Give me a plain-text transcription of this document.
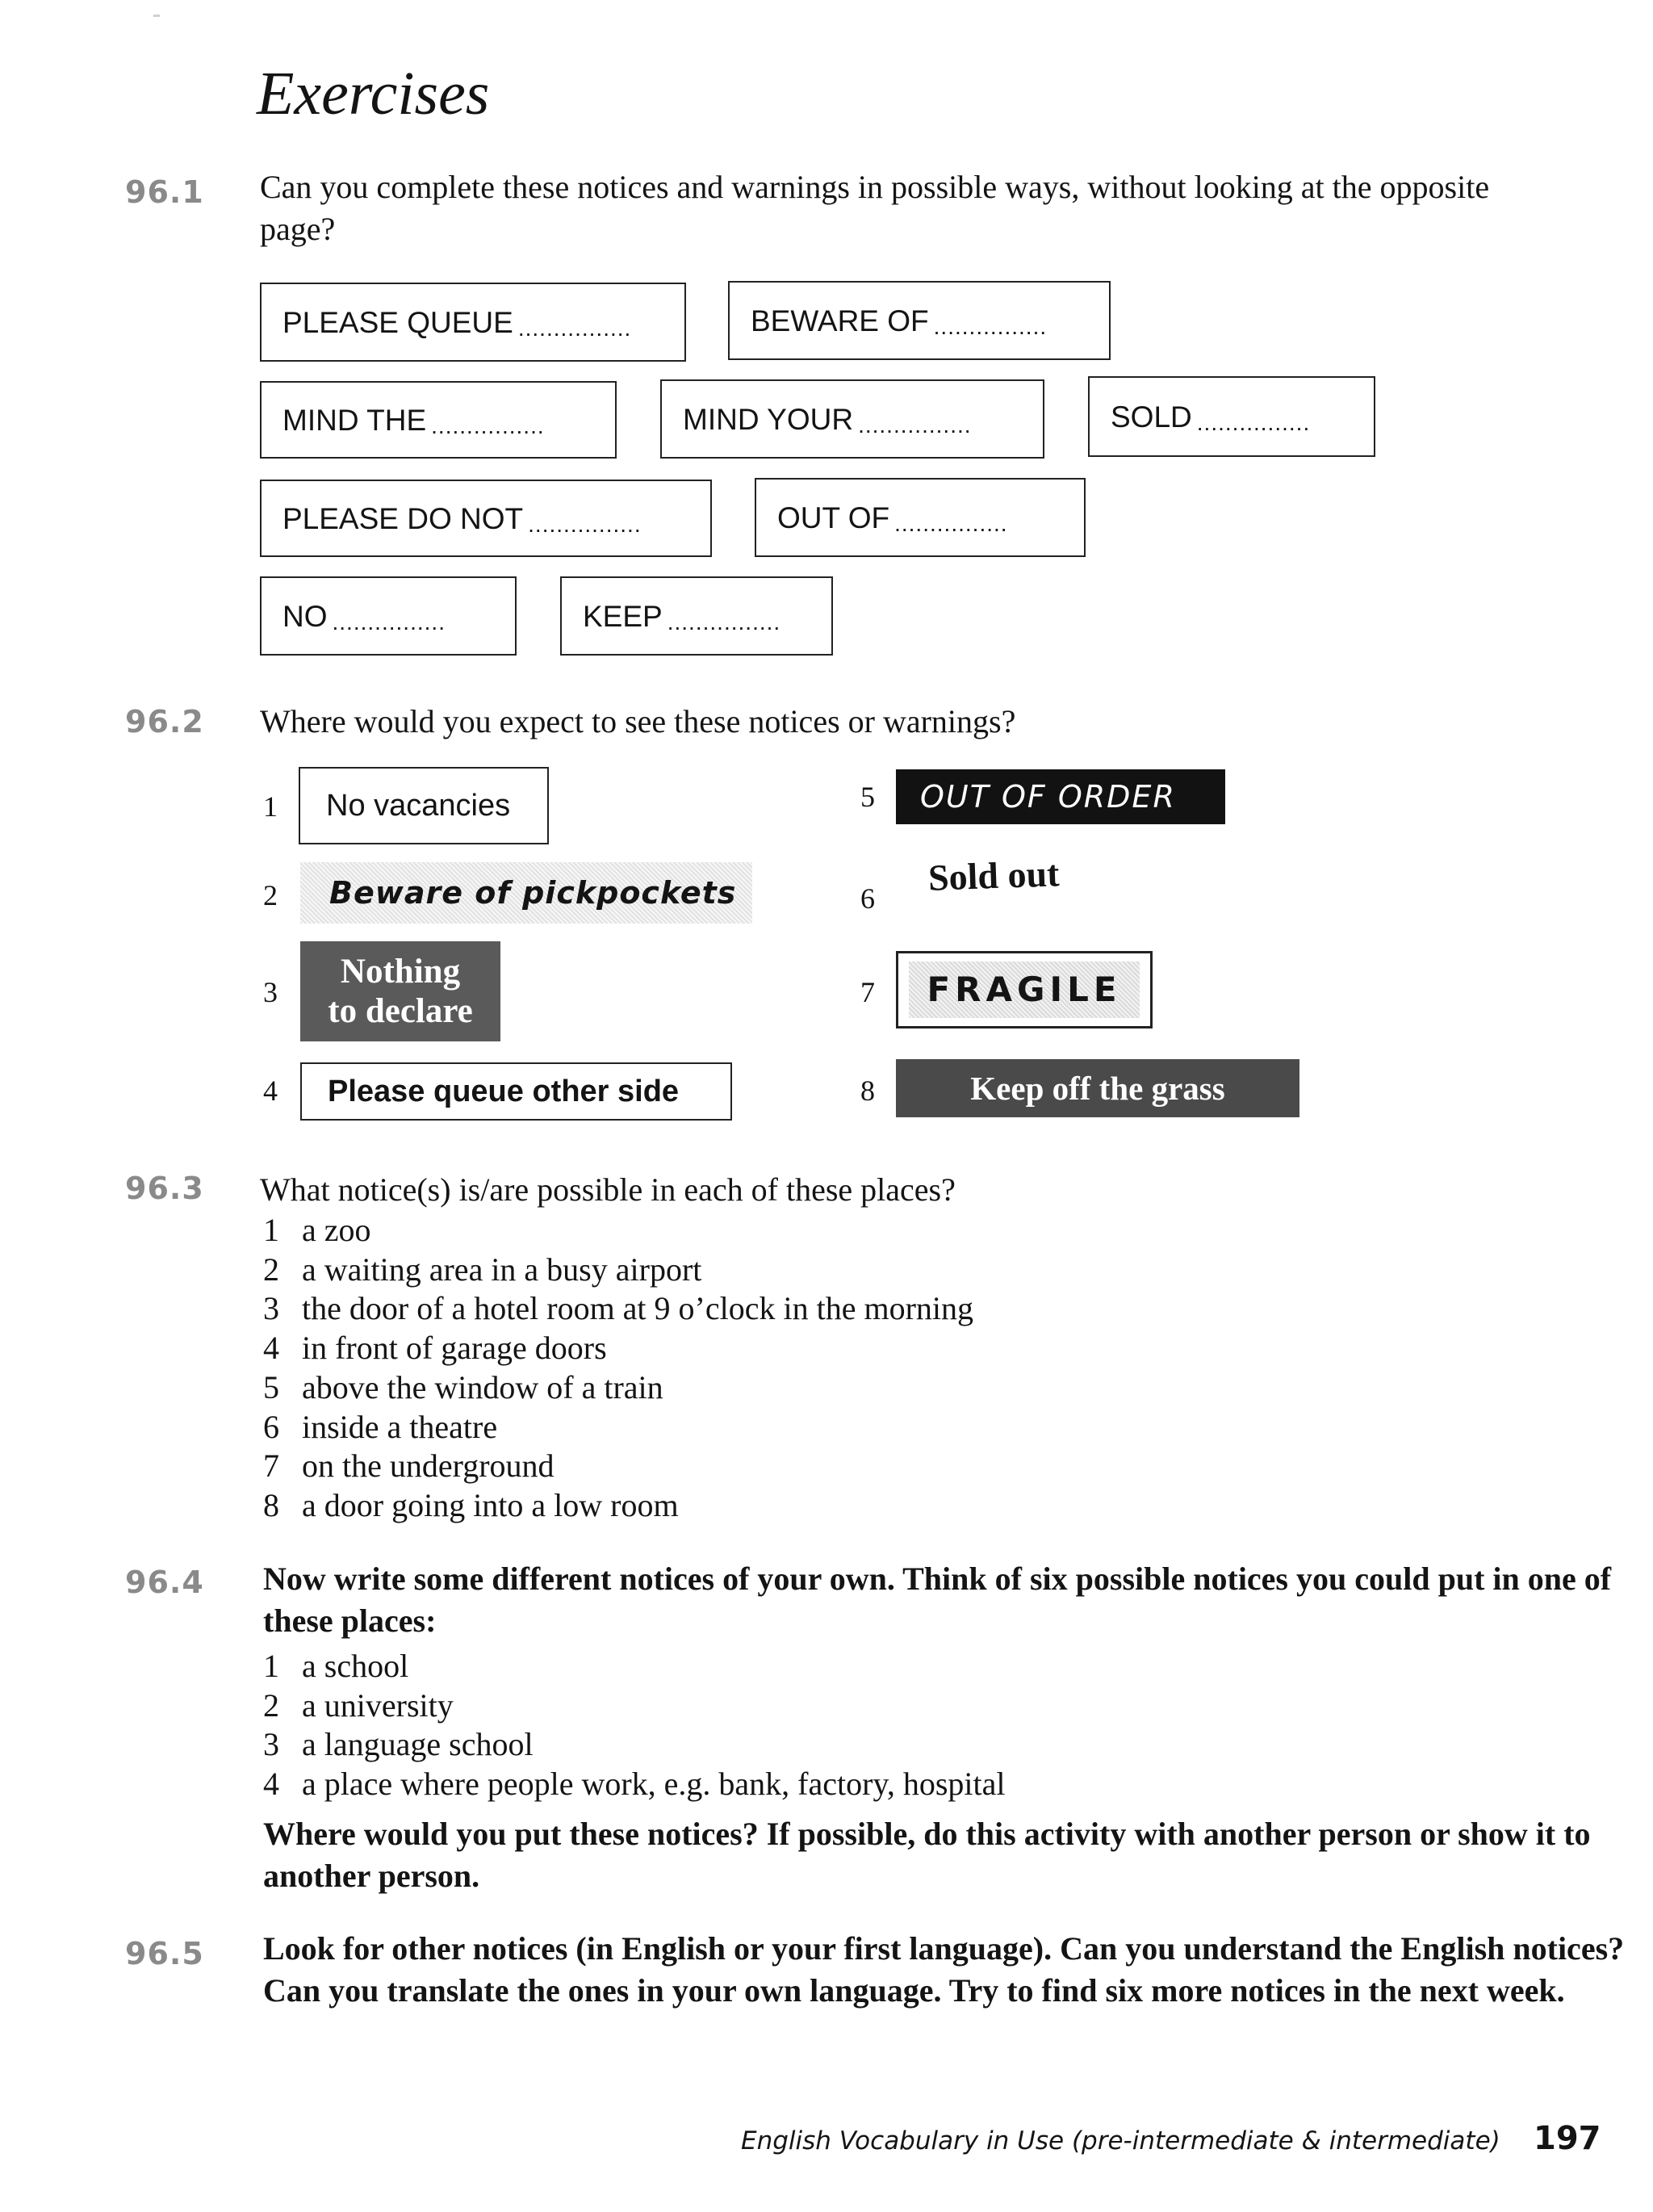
Exercises
96.1 Can you complete these notices and warnings in possible ways, without looking at the opposite page?
PLEASE QUEUE ................	BEWARE OF ................
MIND THE ................	MIND YOUR ................	SOLD ................
PLEASE DO NOT ................	OUT OF ................
NO ................	KEEP ................
96.2 Where would you expect to see these notices or warnings?
1	No vacancies
2	Beware of pickpockets
3
Nothing
to declare
4	Please queue other side
5	OUT OF ORDER
6
Sold out
7	FRAGILE
8	Keep off the grass
96.3 What notice(s) is/are possible in each of these places?
1 a zoo
2 a waiting area in a busy airport
3 the door of a hotel room at 9 o’clock in the morning
4 in front of garage doors
5 above the window of a train
6 inside a theatre
7 on the underground
8 a door going into a low room
96.4 Now write some different notices of your own. Think of six possible notices you could put in one of these places:
1 a school
2 a university
3 a language school
4 a place where people work, e.g. bank, factory, hospital
Where would you put these notices? If possible, do this activity with another person or show it to another person.
96.5 Look for other notices (in English or your first language). Can you understand the English notices? Can you translate the ones in your own language. Try to find six more notices in the next week.
English Vocabulary in Use (pre-intermediate & intermediate) 197
